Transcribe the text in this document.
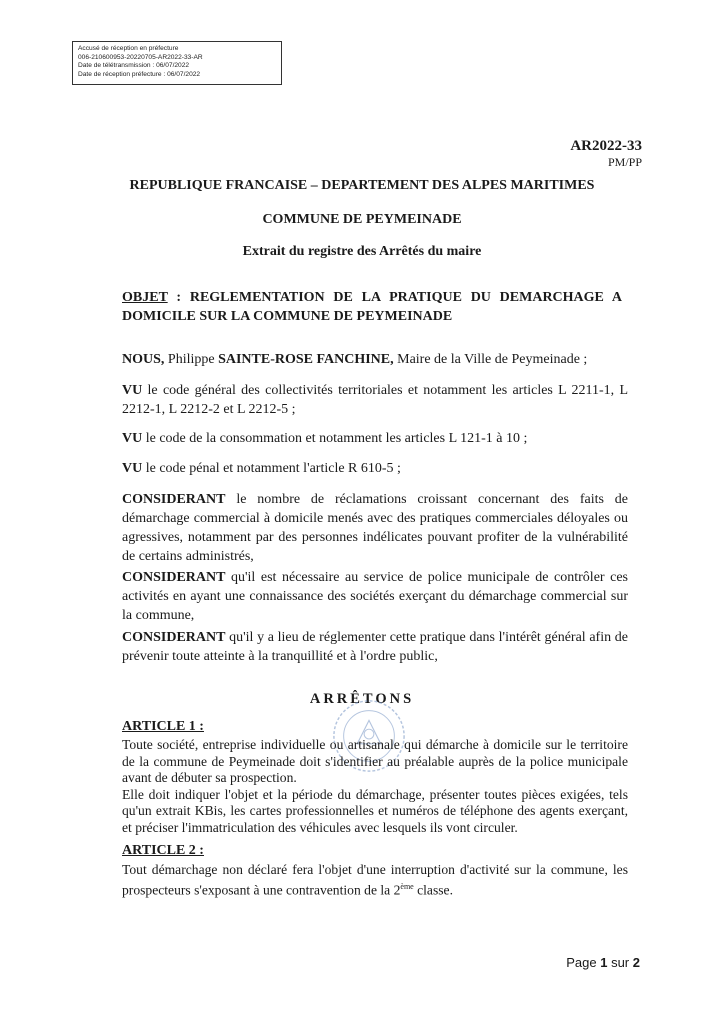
Accusé de réception en préfecture
006-210600953-20220705-AR2022-33-AR
Date de télétransmission : 06/07/2022
Date de réception préfecture : 06/07/2022
AR2022-33
PM/PP
REPUBLIQUE FRANCAISE – DEPARTEMENT DES ALPES MARITIMES
COMMUNE DE PEYMEINADE
Extrait du registre des Arrêtés du maire
OBJET : REGLEMENTATION DE LA PRATIQUE DU DEMARCHAGE A
DOMICILE SUR LA COMMUNE DE PEYMEINADE
NOUS, Philippe SAINTE-ROSE FANCHINE, Maire de la Ville de Peymeinade ;
VU le code général des collectivités territoriales et notamment les articles L 2211-1, L 2212-1, L 2212-2 et L 2212-5 ;
VU le code de la consommation et notamment les articles L 121-1 à 10 ;
VU le code pénal et notamment l'article R 610-5 ;
CONSIDERANT le nombre de réclamations croissant concernant des faits de démarchage commercial à domicile menés avec des pratiques commerciales déloyales ou agressives, notamment par des personnes indélicates pouvant profiter de la vulnérabilité de certains administrés,
CONSIDERANT qu'il est nécessaire au service de police municipale de contrôler ces activités en ayant une connaissance des sociétés exerçant du démarchage commercial sur la commune,
CONSIDERANT qu'il y a lieu de réglementer cette pratique dans l'intérêt général afin de prévenir toute atteinte à la tranquillité et à l'ordre public,
ARRÊTONS
ARTICLE 1 :
Toute société, entreprise individuelle ou artisanale qui démarche à domicile sur le territoire de la commune de Peymeinade doit s'identifier au préalable auprès de la police municipale avant de débuter sa prospection.
Elle doit indiquer l'objet et la période du démarchage, présenter toutes pièces exigées, tels qu'un extrait KBis, les cartes professionnelles et numéros de téléphone des agents exerçant, et préciser l'immatriculation des véhicules avec lesquels ils vont circuler.
ARTICLE 2 :
Tout démarchage non déclaré fera l'objet d'une interruption d'activité sur la commune, les prospecteurs s'exposant à une contravention de la 2ème classe.
Page 1 sur 2
